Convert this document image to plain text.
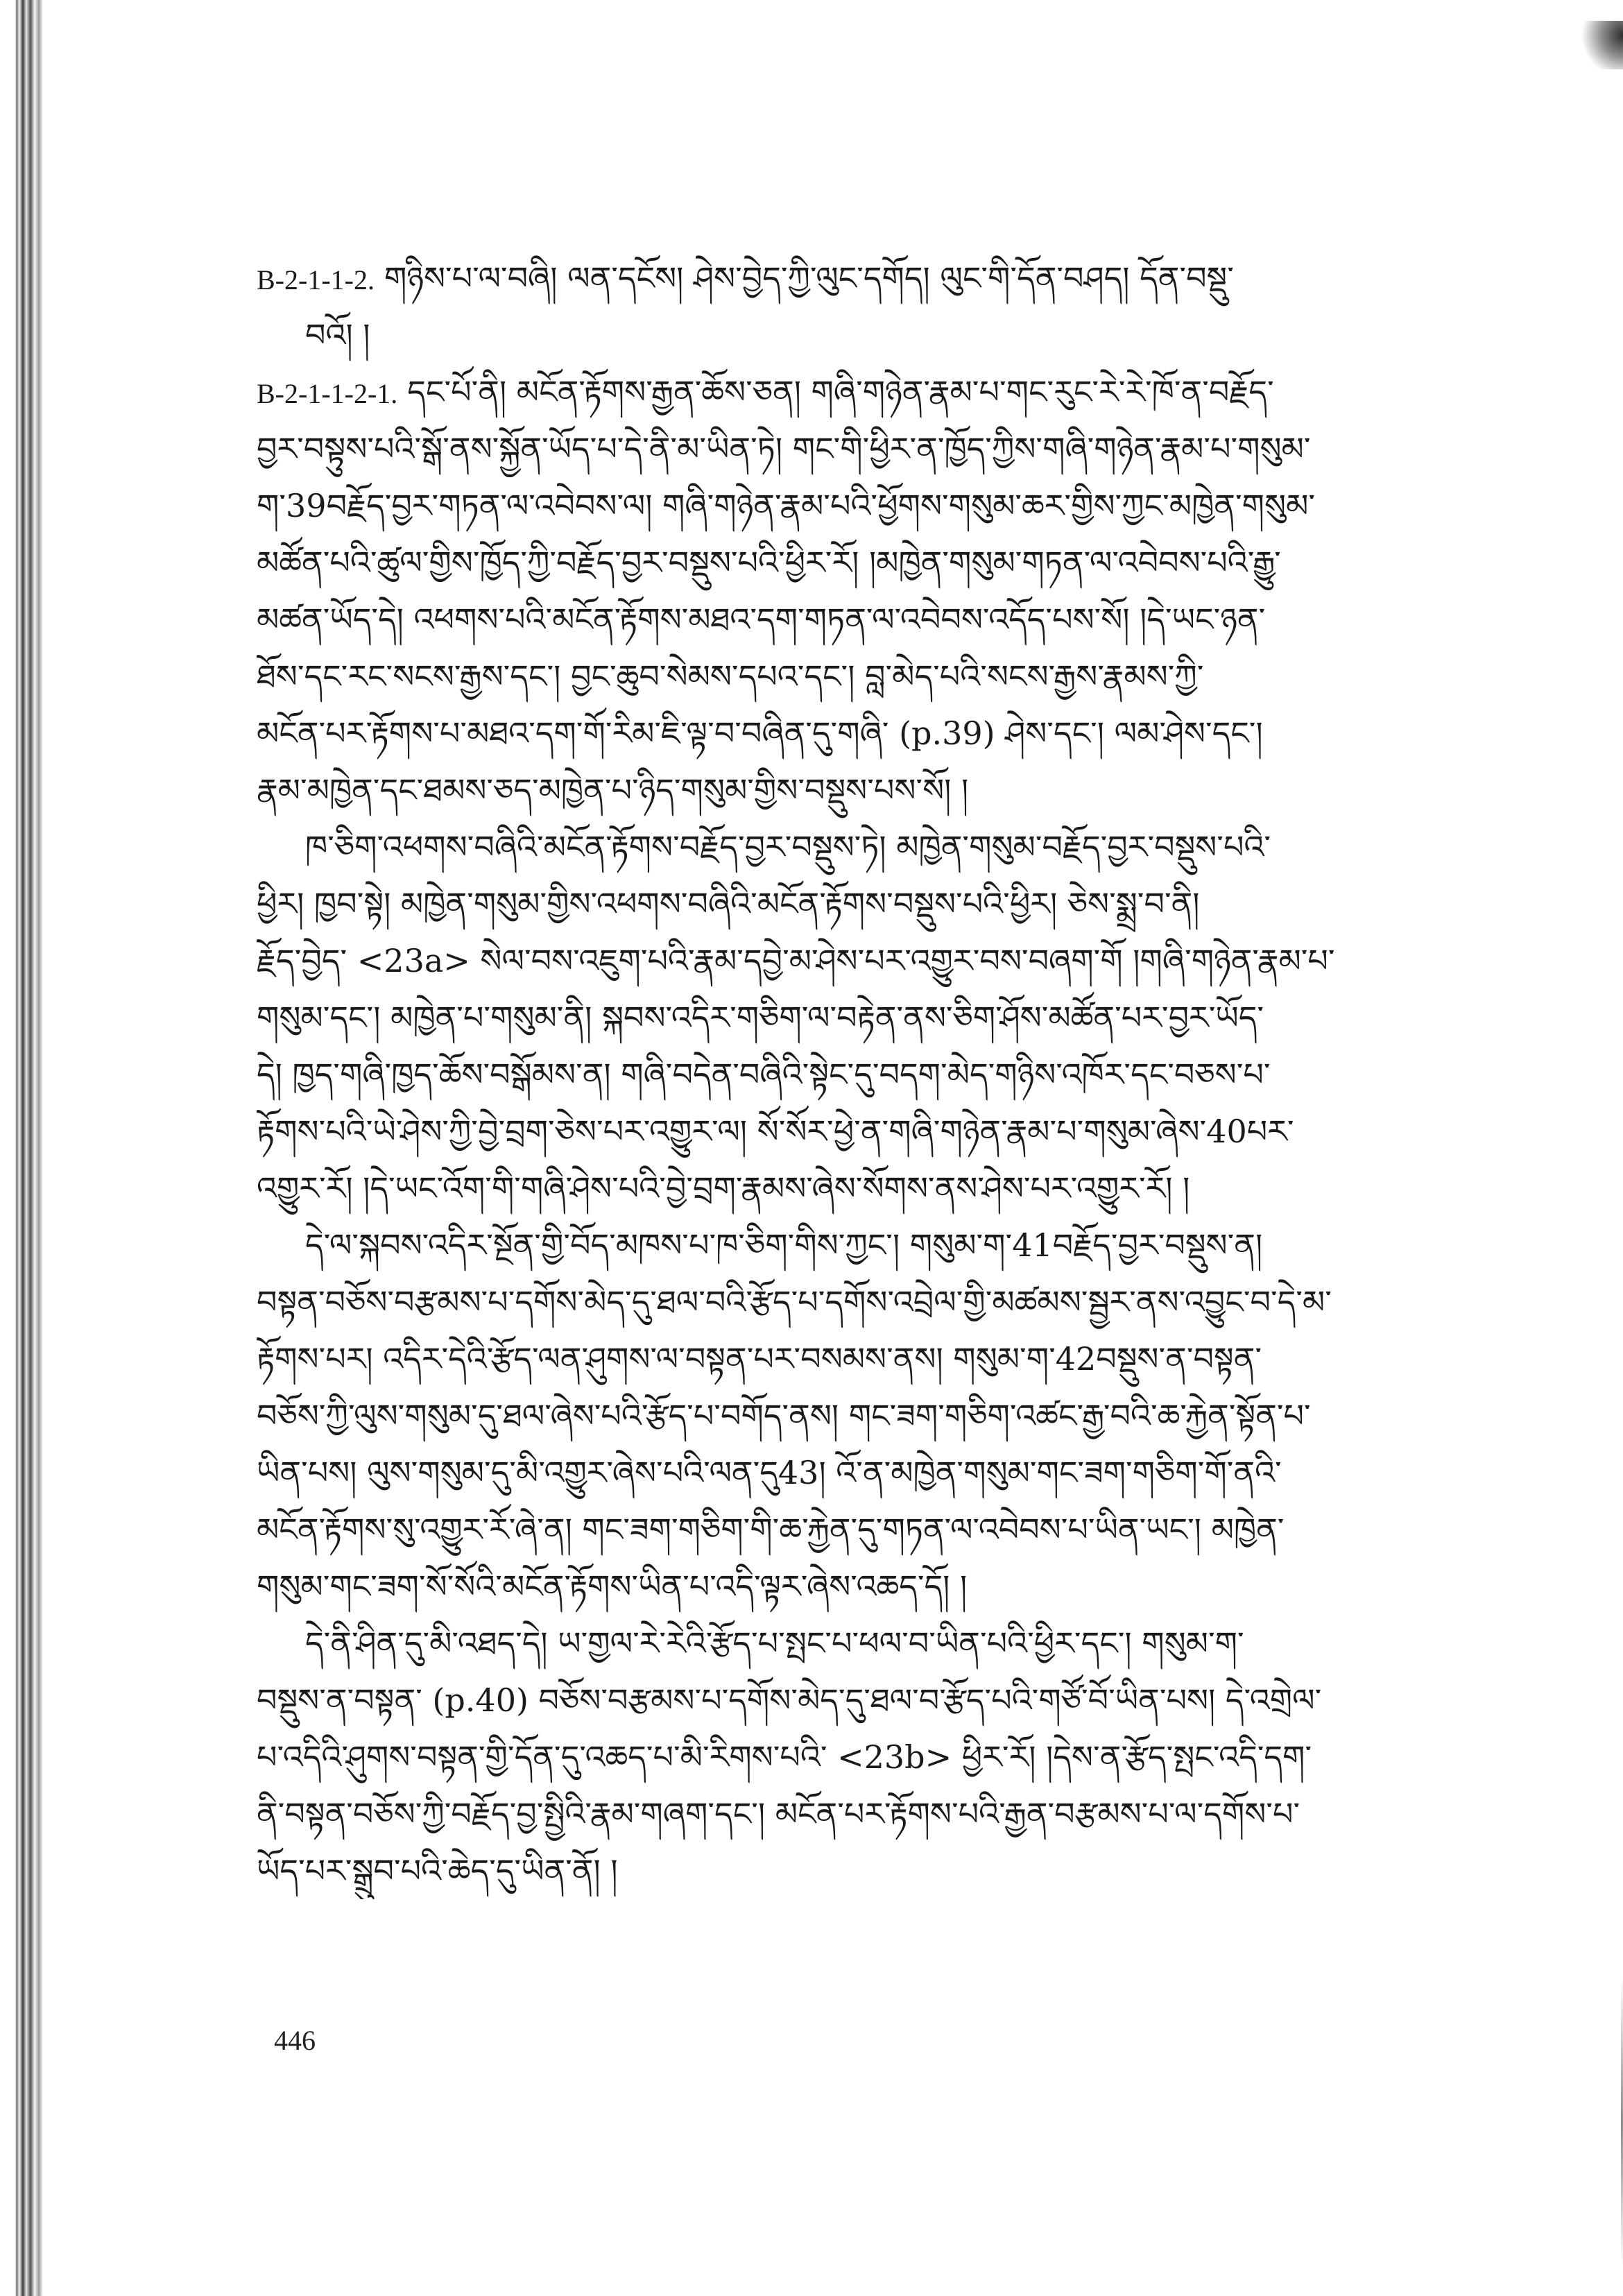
B-2-1-1-2. གཉིས་པ་ལ་བཞི། ལན་དངོས། ཤེས་བྱེད་ཀྱི་ལུང་དགོད། ལུང་གི་དོན་བཤད། དོན་བསྡུ་
བའོ། །
B-2-1-1-2-1. དང་པོ་ནི། མངོན་རྟོགས་རྒྱན་ཆོས་ཅན། གཞི་གཉེན་རྣམ་པ་གང་རུང་རེ་རེ་ཁོ་ན་བརྗོད་
བྱར་བསྟུས་པའི་སྒོ་ནས་སྐྱོན་ཡོད་པ་དེ་ནི་མ་ཡིན་ཏེ། གང་གི་ཕྱིར་ན་ཁྱོད་ཀྱིས་གཞི་གཉེན་རྣམ་པ་གསུམ་
ག་39བརྗོད་བྱར་གཏན་ལ་འབེབས་ལ། གཞི་གཉེན་རྣམ་པའི་ཕྱོགས་གསུམ་ཆར་གྱིས་ཀྱང་མཁྱེན་གསུམ་
མཚོན་པའི་ཚུལ་གྱིས་ཁྱོད་ཀྱི་བརྗོད་བྱར་བསྡུས་པའི་ཕྱིར་རོ། །མཁྱེན་གསུམ་གཏན་ལ་འབེབས་པའི་རྒྱུ་
མཚན་ཡོད་དེ། འཕགས་པའི་མངོན་རྟོགས་མཐའ་དག་གཏན་ལ་འབེབས་འདོད་པས་སོ། །དེ་ཡང་ཉན་
ཐོས་དང་རང་སངས་རྒྱས་དང་། བྱང་ཆུབ་སེམས་དཔའ་དང་། བླ་མེད་པའི་སངས་རྒྱས་རྣམས་ཀྱི་
མངོན་པར་རྟོགས་པ་མཐའ་དག་གོ་རིམ་ཇི་ལྟ་བ་བཞིན་དུ་གཞི་ (p.39) ཤེས་དང་། ལམ་ཤེས་དང་།
རྣམ་མཁྱེན་དང་ཐམས་ཅད་མཁྱེན་པ་ཉིད་གསུམ་གྱིས་བསྡུས་པས་སོ། །
ཁ་ཅིག་འཕགས་བཞིའི་མངོན་རྟོགས་བརྗོད་བྱར་བསྡུས་ཏེ། མཁྱེན་གསུམ་བརྗོད་བྱར་བསྡུས་པའི་
ཕྱིར། ཁྱབ་སྟེ། མཁྱེན་གསུམ་གྱིས་འཕགས་བཞིའི་མངོན་རྟོགས་བསྡུས་པའི་ཕྱིར། ཅེས་སྨྲ་བ་ནི།
རྗོད་བྱེད་ <23a> སེལ་བས་འཇུག་པའི་རྣམ་དབྱེ་མ་ཤེས་པར་འགྱུར་བས་བཞག་གོ །གཞི་གཉེན་རྣམ་པ་
གསུམ་དང་། མཁྱེན་པ་གསུམ་ནི། སྐབས་འདིར་གཅིག་ལ་བརྟེན་ནས་ཅིག་ཤོས་མཚོན་པར་བྱར་ཡོད་
དེ། ཁྱད་གཞི་ཁྱད་ཆོས་བསྒོམས་ན། གཞི་བདེན་བཞིའི་སྟེང་དུ་བདག་མེད་གཉིས་འཁོར་དང་བཅས་པ་
རྟོགས་པའི་ཡེ་ཤེས་ཀྱི་བྱེ་བྲག་ཅེས་པར་འགྱུར་ལ། སོ་སོར་ཕྱེ་ན་གཞི་གཉེན་རྣམ་པ་གསུམ་ཞེས་40པར་
འགྱུར་རོ། །དེ་ཡང་འོག་གི་གཞི་ཤེས་པའི་བྱེ་བྲག་རྣམས་ཞེས་སོགས་ནས་ཤེས་པར་འགྱུར་རོ། །
དེ་ལ་སྐབས་འདིར་སྔོན་གྱི་བོད་མཁས་པ་ཁ་ཅིག་གིས་ཀྱང་། གསུམ་ག་41བརྗོད་བྱར་བསྡུས་ན།
བསྟན་བཅོས་བརྩམས་པ་དགོས་མེད་དུ་ཐལ་བའི་རྩོད་པ་དགོས་འབྲེལ་གྱི་མཚམས་སྦྱར་ནས་འབྱུང་བ་དེ་མ་
རྟོགས་པར། འདིར་དེའི་རྩོད་ལན་ཤུགས་ལ་བསྟན་པར་བསམས་ནས། གསུམ་ག་42བསྡུས་ན་བསྟན་
བཅོས་ཀྱི་ལུས་གསུམ་དུ་ཐལ་ཞེས་པའི་རྩོད་པ་བགོད་ནས། གང་ཟག་གཅིག་འཚང་རྒྱ་བའི་ཆ་རྐྱེན་སྟོན་པ་
ཡིན་པས། ལུས་གསུམ་དུ་མི་འགྱུར་ཞེས་པའི་ལན་དུ43། འོ་ན་མཁྱེན་གསུམ་གང་ཟག་གཅིག་གོ་ནའི་
མངོན་རྟོགས་སུ་འགྱུར་རོ་ཞེ་ན། གང་ཟག་གཅིག་གི་ཆ་རྐྱེན་དུ་གཏན་ལ་འབེབས་པ་ཡིན་ཡང་། མཁྱེན་
གསུམ་གང་ཟག་སོ་སོའི་མངོན་རྟོགས་ཡིན་པ་འདི་ལྟར་ཞེས་འཆད་དོ། །
དེ་ནི་ཤིན་དུ་མི་འཐད་དེ། ཡ་གྱལ་རེ་རེའི་རྩོད་པ་སྤང་པ་ཕལ་བ་ཡིན་པའི་ཕྱིར་དང་། གསུམ་ག་
བསྡུས་ན་བསྟན་ (p.40) བཅོས་བརྩམས་པ་དགོས་མེད་དུ་ཐལ་བ་རྩོད་པའི་གཙོ་བོ་ཡིན་པས། དེ་འགྲེལ་
པ་འདིའི་ཤུགས་བསྟན་གྱི་དོན་དུ་འཆད་པ་མི་རིགས་པའི་ <23b> ཕྱིར་རོ། །དེས་ན་རྩོད་སྤང་འདི་དག་
ནི་བསྟན་བཅོས་ཀྱི་བརྗོད་བྱ་སྤྱིའི་རྣམ་གཞག་དང་། མངོན་པར་རྟོགས་པའི་རྒྱན་བརྩམས་པ་ལ་དགོས་པ་
ཡོད་པར་སྒྲུབ་པའི་ཆེད་དུ་ཡིན་ནོ། །
446
